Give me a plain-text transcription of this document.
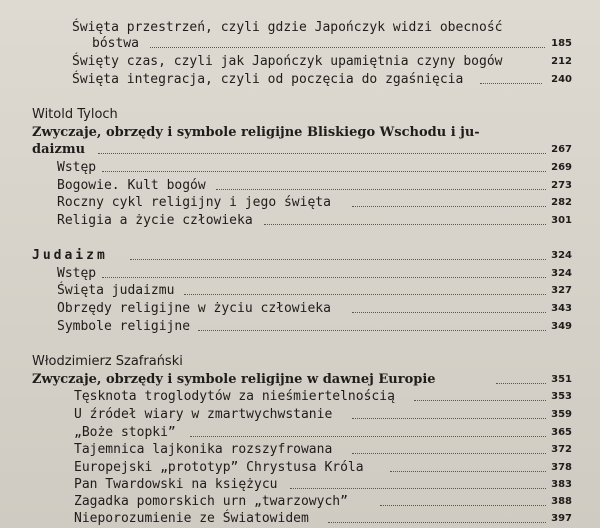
Święta przestrzeń, czyli gdzie Japończyk widzi obecność
bóstwa	185
Święty czas, czyli jak Japończyk upamiętnia czyny bogów	212
Święta integracja, czyli od poczęcia do zgaśnięcia	240
Witold Tyloch
Zwyczaje, obrzędy i symbole religijne Bliskiego Wschodu i ju-
daizmu	267
Wstęp	269
Bogowie. Kult bogów	273
Roczny cykl religijny i jego święta	282
Religia a życie człowieka	301
Judaizm	324
Wstęp	324
Święta judaizmu	327
Obrzędy religijne w życiu człowieka	343
Symbole religijne	349
Włodzimierz Szafrański
Zwyczaje, obrzędy i symbole religijne w dawnej Europie	351
Tęsknota troglodytów za nieśmiertelnością	353
U źródeł wiary w zmartwychwstanie	359
„Boże stopki”	365
Tajemnica lajkonika rozszyfrowana	372
Europejski „prototyp” Chrystusa Króla	378
Pan Twardowski na księżycu	383
Zagadka pomorskich urn „twarzowych”	388
Nieporozumienie ze Światowidem	397
